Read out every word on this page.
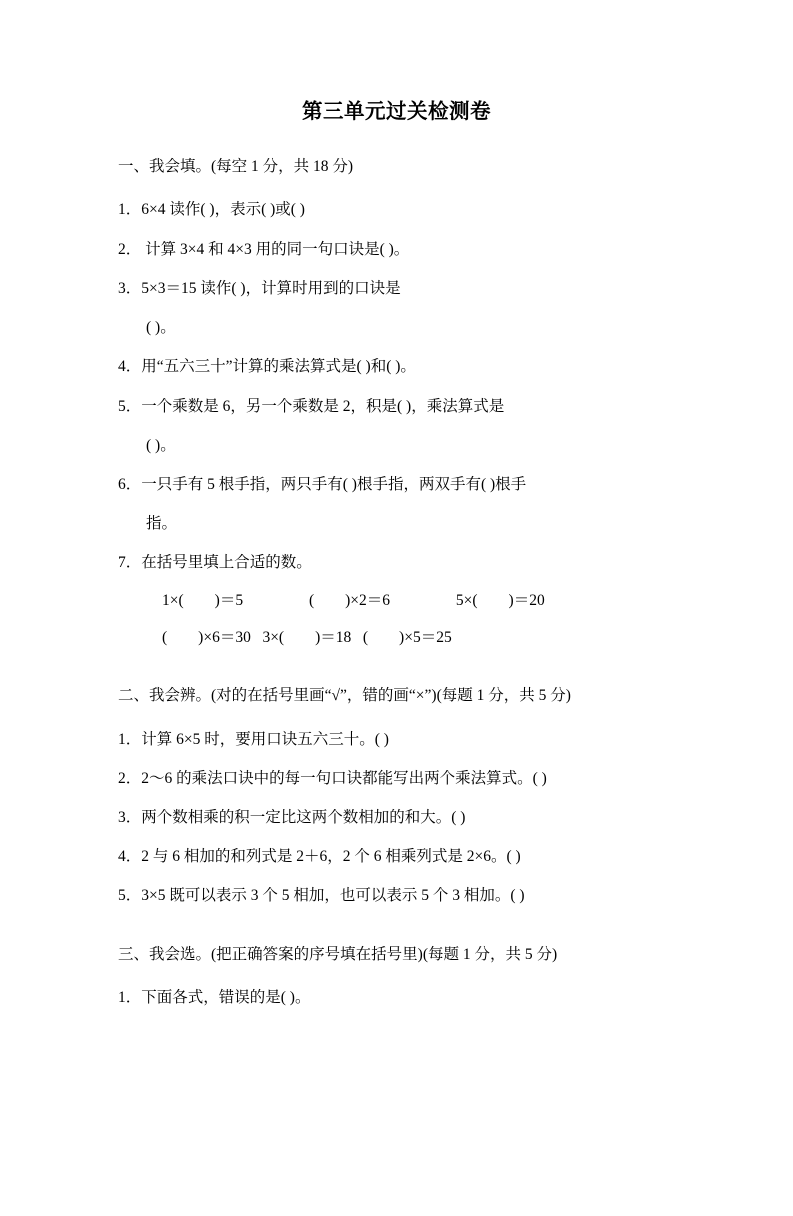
第三单元过关检测卷
一、我会填。(每空 1 分，共 18 分)
1．6×4 读作( )，表示( )或( )
2． 计算 3×4 和 4×3 用的同一句口诀是( )。
3．5×3＝15 读作( )，计算时用到的口诀是
( )。
4．用“五六三十”计算的乘法算式是( )和( )。
5．一个乘数是 6，另一个乘数是 2，积是( )，乘法算式是
( )。
6．一只手有 5 根手指，两只手有( )根手指，两双手有( )根手
指。
7．在括号里填上合适的数。
1×(        )＝5                 (        )×2＝6                 5×(        )＝20
(        )×6＝30   3×(        )＝18   (        )×5＝25
二、我会辨。(对的在括号里画“√”，错的画“×”)(每题 1 分，共 5 分)
1．计算 6×5 时，要用口诀五六三十。( )
2．2～6 的乘法口诀中的每一句口诀都能写出两个乘法算式。( )
3．两个数相乘的积一定比这两个数相加的和大。( )
4．2 与 6 相加的和列式是 2＋6，2 个 6 相乘列式是 2×6。( )
5．3×5 既可以表示 3 个 5 相加，也可以表示 5 个 3 相加。( )
三、我会选。(把正确答案的序号填在括号里)(每题 1 分，共 5 分)
1．下面各式，错误的是( )。
